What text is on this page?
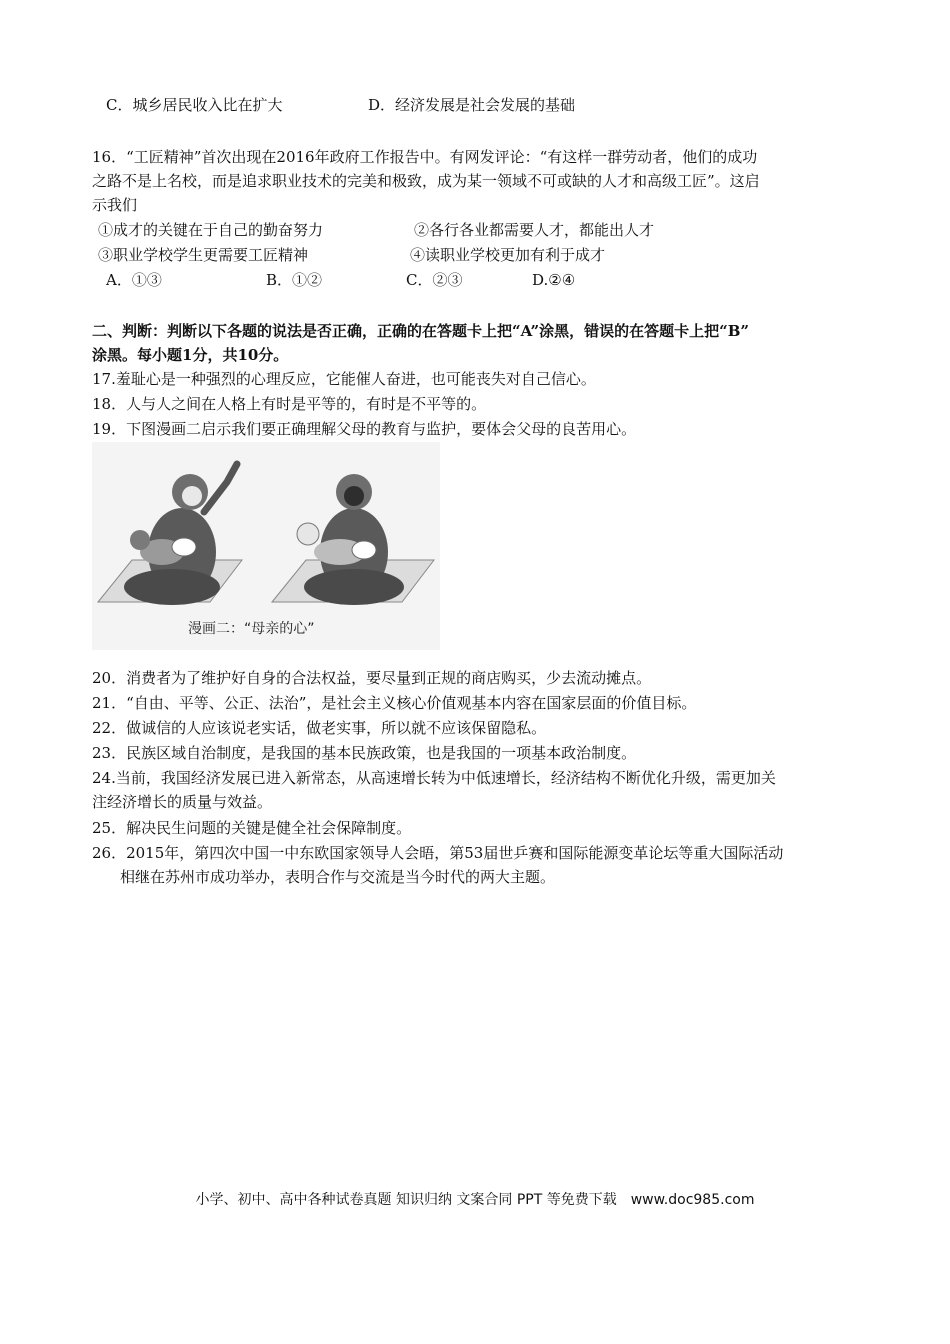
C．城乡居民收入比在扩大	D．经济发展是社会发展的基础
16．“工匠精神”首次出现在2016年政府工作报告中。有网发评论：“有这样一群劳动者，他们的成功
之路不是上名校，而是追求职业技术的完美和极致，成为某一领域不可或缺的人才和高级工匠”。这启
示我们
①成才的关键在于自己的勤奋努力	②各行各业都需要人才，都能出人才
③职业学校学生更需要工匠精神	④读职业学校更加有利于成才
A．①③	B．①②	C．②③	D.②④
二、判断：判断以下各题的说法是否正确，正确的在答题卡上把“A”涂黑，错误的在答题卡上把“B”
涂黑。每小题1分，共10分。
17.羞耻心是一种强烈的心理反应，它能催人奋进，也可能丧失对自己信心。
18．人与人之间在人格上有时是平等的，有时是不平等的。
19．下图漫画二启示我们要正确理解父母的教育与监护，要体会父母的良苦用心。
漫画二：“母亲的心”
20．消费者为了维护好自身的合法权益，要尽量到正规的商店购买，少去流动摊点。
21．“自由、平等、公正、法治”，是社会主义核心价值观基本内容在国家层面的价值目标。
22．做诚信的人应该说老实话，做老实事，所以就不应该保留隐私。
23．民族区域自治制度，是我国的基本民族政策，也是我国的一项基本政治制度。
24.当前，我国经济发展已进入新常态，从高速增长转为中低速增长，经济结构不断优化升级，需更加关
注经济增长的质量与效益。
25．解决民生问题的关键是健全社会保障制度。
26．2015年，第四次中国一中东欧国家领导人会晤，第53届世乒赛和国际能源变革论坛等重大国际活动
相继在苏州市成功举办，表明合作与交流是当今时代的两大主题。
小学、初中、高中各种试卷真题 知识归纳 文案合同 PPT 等免费下载　www.doc985.com
